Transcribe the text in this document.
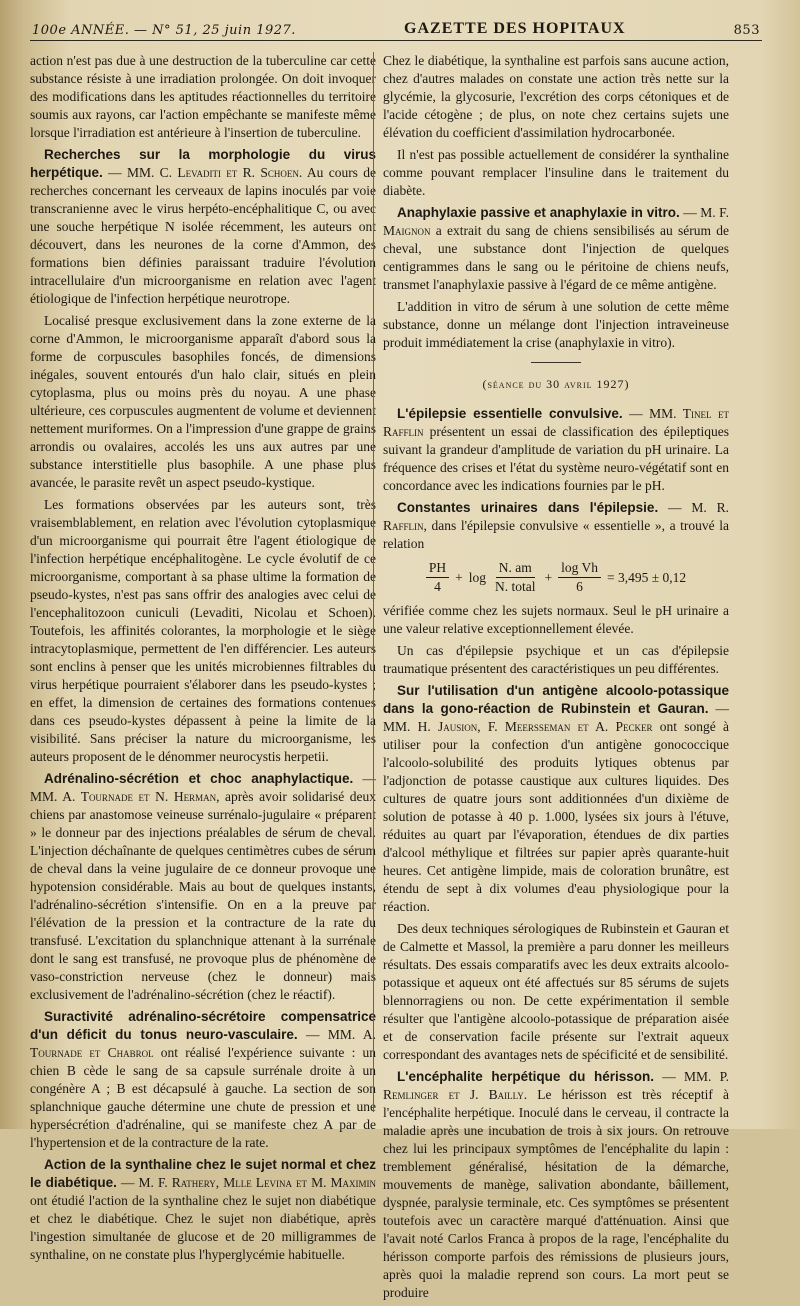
100e ANNÉE. — N° 51, 25 juin 1927.	GAZETTE DES HOPITAUX	853

action n'est pas due à une destruction de la tuberculine car cette substance résiste à une irradiation prolongée. On doit invoquer des modifications dans les aptitudes réactionnelles du territoire soumis aux rayons, car l'action empêchante se manifeste même lorsque l'irradiation est antérieure à l'insertion de tuberculine.

Recherches sur la morphologie du virus herpétique. — MM. C. Levaditi et R. Schoen. Au cours de recherches concernant les cerveaux de lapins inoculés par voie transcranienne avec le virus herpéto-encéphalitique C, ou avec une souche herpétique N isolée récemment, les auteurs ont découvert, dans les neurones de la corne d'Ammon, des formations bien définies paraissant traduire l'évolution intracellulaire d'un microorganisme en relation avec l'agent étiologique de l'infection herpétique neurotrope.

Localisé presque exclusivement dans la zone externe de la corne d'Ammon, le microorganisme apparaît d'abord sous la forme de corpuscules basophiles foncés, de dimensions inégales, souvent entourés d'un halo clair, situés en plein cytoplasma, plus ou moins près du noyau. A une phase ultérieure, ces corpuscules augmentent de volume et deviennent nettement muriformes. On a l'impression d'une grappe de grains arrondis ou ovalaires, accolés les uns aux autres par une substance interstitielle plus basophile. A une phase plus avancée, le parasite revêt un aspect pseudo-kystique.

Les formations observées par les auteurs sont, très vraisemblablement, en relation avec l'évolution cytoplasmique d'un microorganisme qui pourrait être l'agent étiologique de l'infection herpétique encéphalitogène. Le cycle évolutif de ce microorganisme, comportant à sa phase ultime la formation de pseudo-kystes, n'est pas sans offrir des analogies avec celui de l'encephalitozoon cuniculi (Levaditi, Nicolau et Schoen). Toutefois, les affinités colorantes, la morphologie et le siège intracytoplasmique, permettent de l'en différencier. Les auteurs sont enclins à penser que les unités microbiennes filtrables du virus herpétique pourraient s'élaborer dans les pseudo-kystes ; en effet, la dimension de certaines des formations contenues dans ces pseudo-kystes dépassent à peine la limite de la visibilité. Sans préciser la nature du microorganisme, les auteurs proposent de le dénommer neurocystis herpetii.

Adrénalino-sécrétion et choc anaphylactique. — MM. A. Tournade et N. Herman, après avoir solidarisé deux chiens par anastomose veineuse surrénalo-jugulaire « préparent » le donneur par des injections préalables de sérum de cheval. L'injection déchaînante de quelques centimètres cubes de sérum de cheval dans la veine jugulaire de ce donneur provoque une hypotension considérable. Mais au bout de quelques instants, l'adrénalino-sécrétion s'intensifie. On en a la preuve par l'élévation de la pression et la contracture de la rate du transfusé. L'excitation du splanchnique attenant à la surrénale dont le sang est transfusé, ne provoque plus de phénomène de vaso-constriction nerveuse (chez le donneur) mais exclusivement de l'adrénalino-sécrétion (chez le réactif).

Suractivité adrénalino-sécrétoire compensatrice d'un déficit du tonus neuro-vasculaire. — MM. A. Tournade et Chabrol ont réalisé l'expérience suivante : un chien B cède le sang de sa capsule surrénale droite à un congénère A ; B est décapsulé à gauche. La section de son splanchnique gauche détermine une chute de pression et une hypersécrétion d'adrénaline, qui se manifeste chez A par de l'hypertension et de la contracture de la rate.

Action de la synthaline chez le sujet normal et chez le diabétique. — M. F. Rathery, Mlle Levina et M. Maximin ont étudié l'action de la synthaline chez le sujet non diabétique et chez le diabétique. Chez le sujet non diabétique, après l'ingestion simultanée de glucose et de 20 milligrammes de synthaline, on ne constate plus l'hyperglycémie habituelle.

Chez le diabétique, la synthaline est parfois sans aucune action, chez d'autres malades on constate une action très nette sur la glycémie, la glycosurie, l'excrétion des corps cétoniques et de l'acide cétogène ; de plus, on note chez certains sujets une élévation du coefficient d'assimilation hydrocarbonée.

Il n'est pas possible actuellement de considérer la synthaline comme pouvant remplacer l'insuline dans le traitement du diabète.

Anaphylaxie passive et anaphylaxie in vitro. — M. F. Maignon a extrait du sang de chiens sensibilisés au sérum de cheval, une substance dont l'injection de quelques centigrammes dans le sang ou le péritoine de chiens neufs, transmet l'anaphylaxie passive à l'égard de ce même antigène.

L'addition in vitro de sérum à une solution de cette même substance, donne un mélange dont l'injection intraveineuse produit immédiatement la crise (anaphylaxie in vitro).

(séance du 30 avril 1927)

L'épilepsie essentielle convulsive. — MM. Tinel et Rafflin présentent un essai de classification des épileptiques suivant la grandeur d'amplitude de variation du pH urinaire. La fréquence des crises et l'état du système neuro-végétatif sont en concordance avec les indications fournies par le pH.

Constantes urinaires dans l'épilepsie. — M. R. Rafflin, dans l'épilepsie convulsive « essentielle », a trouvé la relation

$\frac{PH}{4} + \log \frac{N. am}{\text{N. total}} + \frac{\text{log Vh}}{6} = 3,495 \pm 0,12$

vérifiée comme chez les sujets normaux. Seul le pH urinaire a une valeur relative exceptionnellement élevée.

Un cas d'épilepsie psychique et un cas d'épilepsie traumatique présentent des caractéristiques un peu différentes.

Sur l'utilisation d'un antigène alcoolo-potassique dans la gono-réaction de Rubinstein et Gauran. — MM. H. Jausion, F. Meersseman et A. Pecker ont songé à utiliser pour la confection d'un antigène gonococcique l'alcoolo-solubilité des produits lytiques obtenus par l'adjonction de potasse caustique aux cultures liquides. Des cultures de quatre jours sont additionnées d'un dixième de solution de potasse à 40 p. 1.000, lysées six jours à l'étuve, réduites au quart par l'évaporation, étendues de dix parties d'alcool méthylique et filtrées sur papier après quarante-huit heures. Cet antigène limpide, mais de coloration brunâtre, est étendu de sept à dix volumes d'eau physiologique pour la réaction.

Des deux techniques sérologiques de Rubinstein et Gauran et de Calmette et Massol, la première a paru donner les meilleurs résultats. Des essais comparatifs avec les deux extraits alcoolo-potassique et aqueux ont été affectués sur 85 sérums de sujets blennorragiens ou non. De cette expérimentation il semble résulter que l'antigène alcoolo-potassique de préparation aisée et de conservation facile présente sur l'extrait aqueux correspondant des avantages nets de spécificité et de sensibilité.

L'encéphalite herpétique du hérisson. — MM. P. Remlinger et J. Bailly. Le hérisson est très réceptif à l'encéphalite herpétique. Inoculé dans le cerveau, il contracte la maladie après une incubation de trois à six jours. On retrouve chez lui les principaux symptômes de l'encéphalite du lapin : tremblement généralisé, hésitation de la démarche, mouvements de manège, salivation abondante, bâillement, dyspnée, paralysie terminale, etc. Ces symptômes se présentent toutefois avec un caractère marqué d'atténuation. Ainsi que l'avait noté Carlos Franca à propos de la rage, l'encéphalite du hérisson comporte parfois des rémissions de plusieurs jours, après quoi la maladie reprend son cours. La mort peut se produire
